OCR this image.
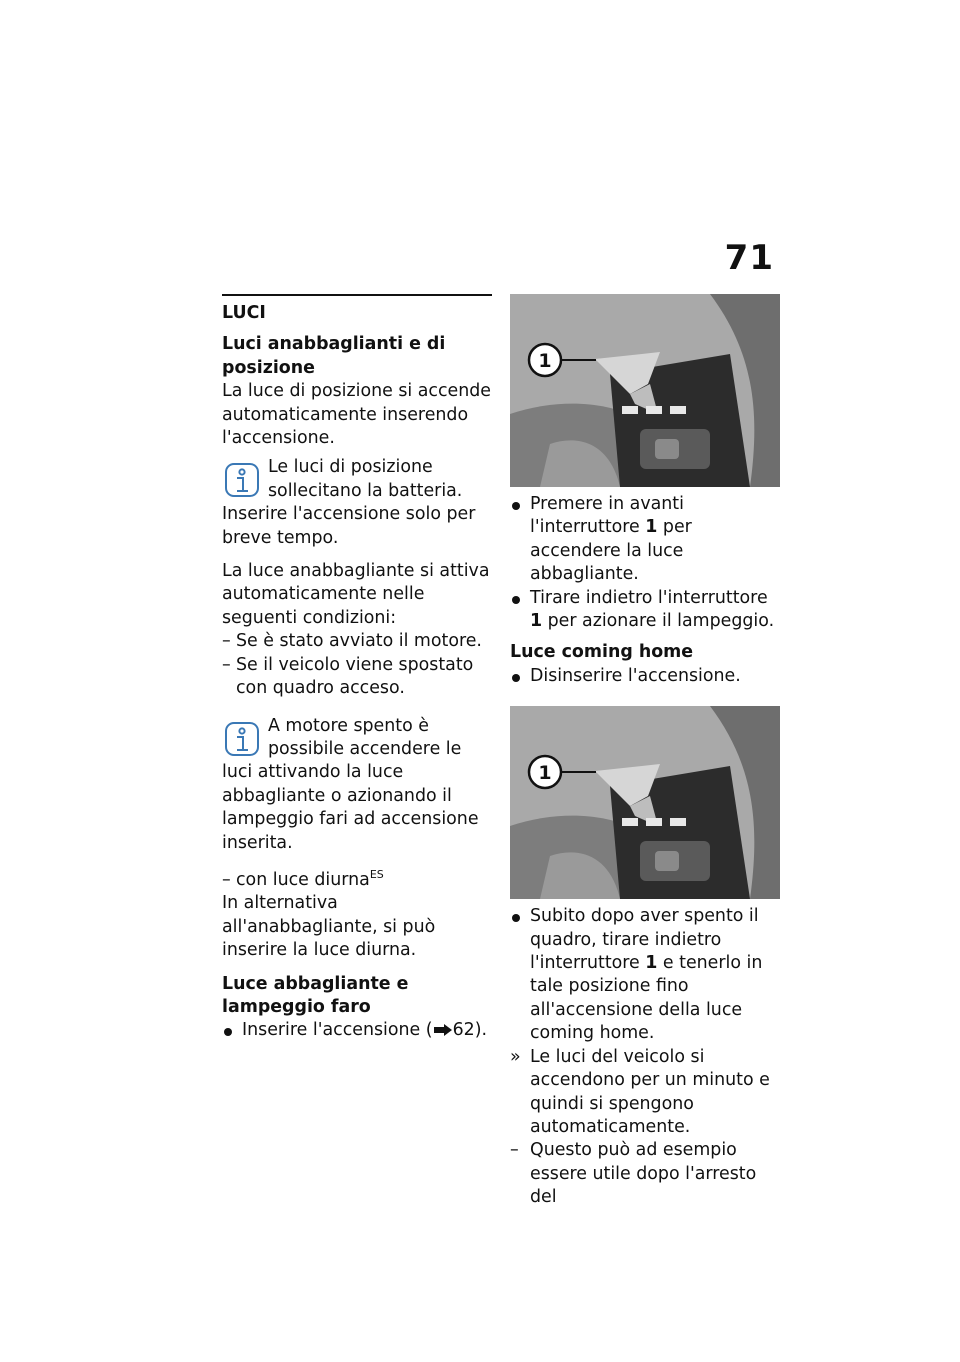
71

LUCI

Luci anabbaglianti e di posizione

La luce di posizione si accende automaticamente inserendo l'accensione.

Le luci di posizione sollecitano la batteria. Inserire l'accensione solo per breve tempo.

La luce anabbagliante si attiva automaticamente nelle seguenti condizioni:

– Se è stato avviato il motore.
– Se il veicolo viene spostato con quadro acceso.

A motore spento è possibile accendere le luci attivando la luce abbagliante o azionando il lampeggio fari ad accensione inserita.

– con luce diurna$^{ES}$

In alternativa all'anabbagliante, si può inserire la luce diurna.

Luce abbagliante e lampeggio faro

Inserire l'accensione ( 62).
1
Premere in avanti l'interruttore 1 per accendere la luce abbagliante.
Tirare indietro l'interruttore 1 per azionare il lampeggio.

Luce coming home

Disinserire l'accensione.
1
Subito dopo aver spento il quadro, tirare indietro l'interruttore 1 e tenerlo in tale posizione fino all'accensione della luce coming home.
» Le luci del veicolo si accendono per un minuto e quindi si spengono automaticamente.
– Questo può ad esempio essere utile dopo l'arresto del
